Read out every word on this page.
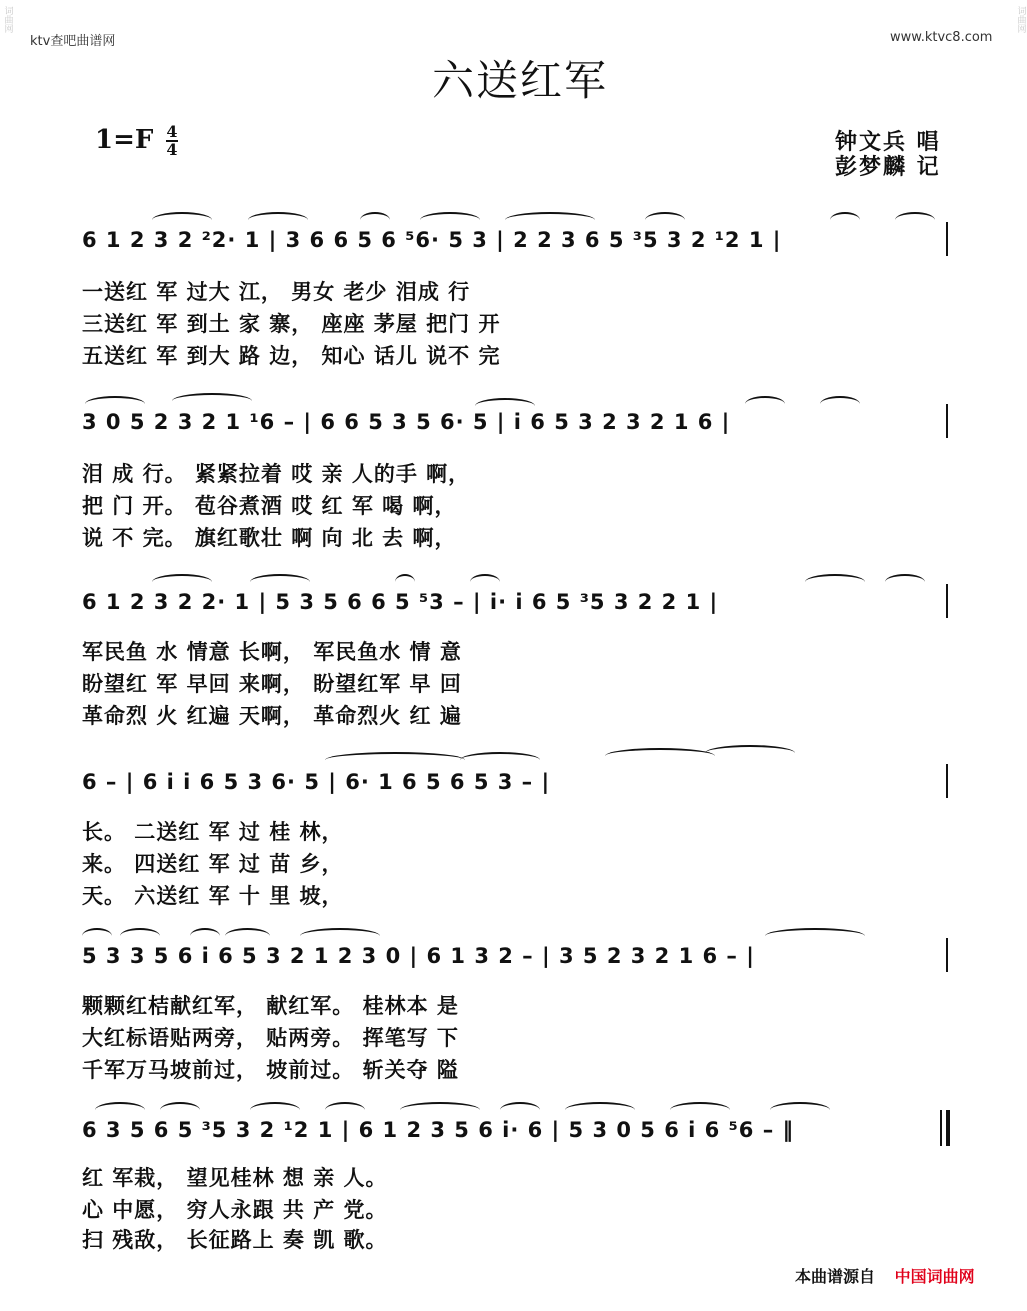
词曲网	词曲网
ktv查吧曲谱网	www.ktvc8.com
六送红军
$1=F \frac{4}{4}$	钟文兵 唱
彭梦麟 记
6 1 2 3 2 ²2· 1 | 3 6 6 5 6 ⁵6· 5 3 | 2 2 3 6 5 ³5 3 2 ¹2 1 |
一送红 军 过大 江， 男女 老少 泪成 行
三送红 军 到土 家 寨， 座座 茅屋 把门 开
五送红 军 到大 路 边， 知心 话儿 说不 完
3 0 5 2 3 2 1 ¹6 – | 6 6 5 3 5 6· 5 | i 6 5 3 2 3 2 1 6 |
泪 成 行。 紧紧拉着 哎 亲 人的手 啊，
把 门 开。 苞谷煮酒 哎 红 军 喝 啊，
说 不 完。 旗红歌壮 啊 向 北 去 啊，
6 1 2 3 2 2· 1 | 5 3 5 6 6 5 ⁵3 – | i· i 6 5 ³5 3 2 2 1 |
军民鱼 水 情意 长啊， 军民鱼水 情 意
盼望红 军 早回 来啊， 盼望红军 早 回
革命烈 火 红遍 天啊， 革命烈火 红 遍
6 – | 6 i i 6 5 3 6· 5 | 6· 1 6 5 6 5 3 – |
长。 二送红 军 过 桂 林，
来。 四送红 军 过 苗 乡，
天。 六送红 军 十 里 坡，
5 3 3 5 6 i 6 5 3 2 1 2 3 0 | 6 1 3 2 – | 3 5 2 3 2 1 6 – |
颗颗红桔献红军， 献红军。 桂林本 是
大红标语贴两旁， 贴两旁。 挥笔写 下
千军万马坡前过， 坡前过。 斩关夺 隘
6 3 5 6 5 ³5 3 2 ¹2 1 | 6 1 2 3 5 6 i· 6 | 5 3 0 5 6 i 6 ⁵6 – ‖
红 军栽， 望见桂林 想 亲 人。
心 中愿， 穷人永跟 共 产 党。
扫 残敌， 长征路上 奏 凯 歌。
本曲谱源自 中国词曲网
